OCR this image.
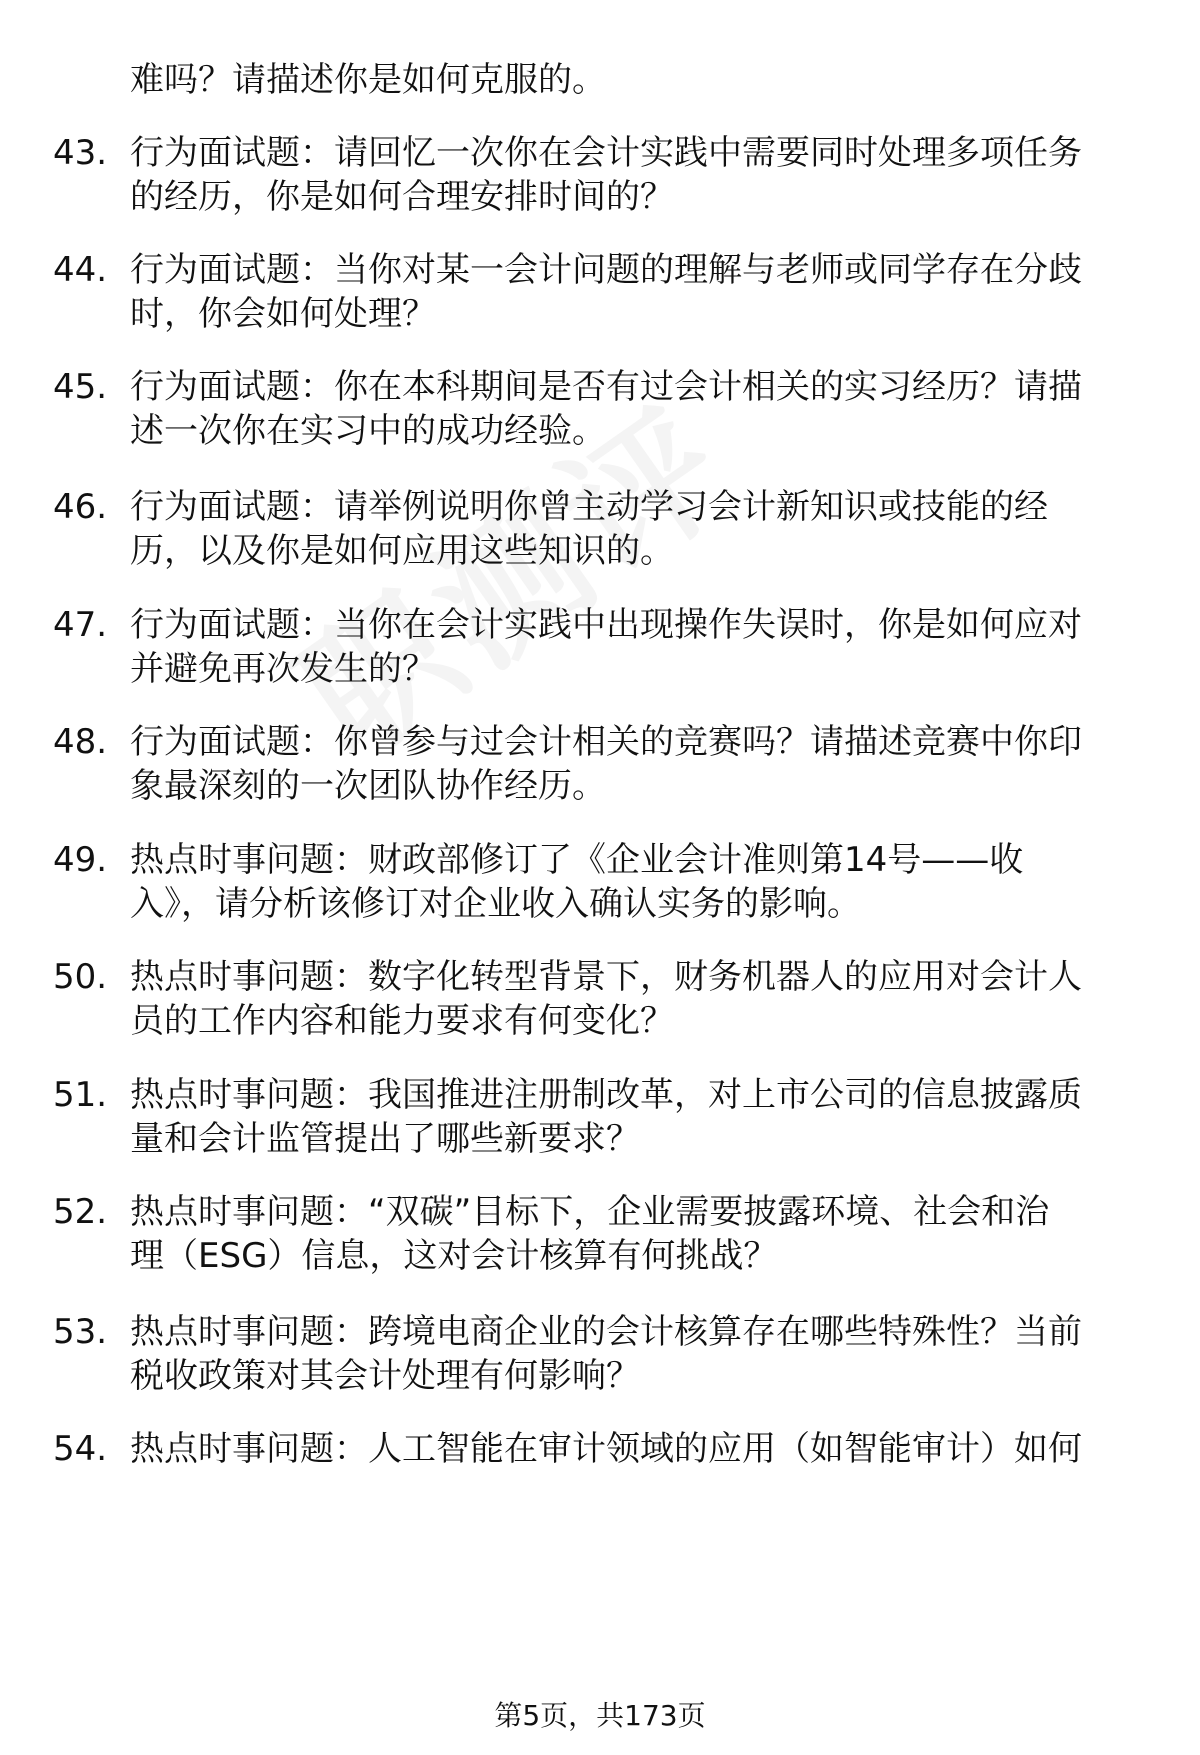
难吗？请描述你是如何克服的。
43. 行为面试题：请回忆一次你在会计实践中需要同时处理多项任务
的经历，你是如何合理安排时间的？
44. 行为面试题：当你对某一会计问题的理解与老师或同学存在分歧
时，你会如何处理？
45. 行为面试题：你在本科期间是否有过会计相关的实习经历？请描
述一次你在实习中的成功经验。
46. 行为面试题：请举例说明你曾主动学习会计新知识或技能的经
历，以及你是如何应用这些知识的。
47. 行为面试题：当你在会计实践中出现操作失误时，你是如何应对
并避免再次发生的？
48. 行为面试题：你曾参与过会计相关的竞赛吗？请描述竞赛中你印
象最深刻的一次团队协作经历。
49. 热点时事问题：财政部修订了《企业会计准则第14号——收
入》，请分析该修订对企业收入确认实务的影响。
50. 热点时事问题：数字化转型背景下，财务机器人的应用对会计人
员的工作内容和能力要求有何变化？
51. 热点时事问题：我国推进注册制改革，对上市公司的信息披露质
量和会计监管提出了哪些新要求？
52. 热点时事问题：“双碳”目标下，企业需要披露环境、社会和治
理（ESG）信息，这对会计核算有何挑战？
53. 热点时事问题：跨境电商企业的会计核算存在哪些特殊性？当前
税收政策对其会计处理有何影响？
54. 热点时事问题：人工智能在审计领域的应用（如智能审计）如何
第5页，共173页
